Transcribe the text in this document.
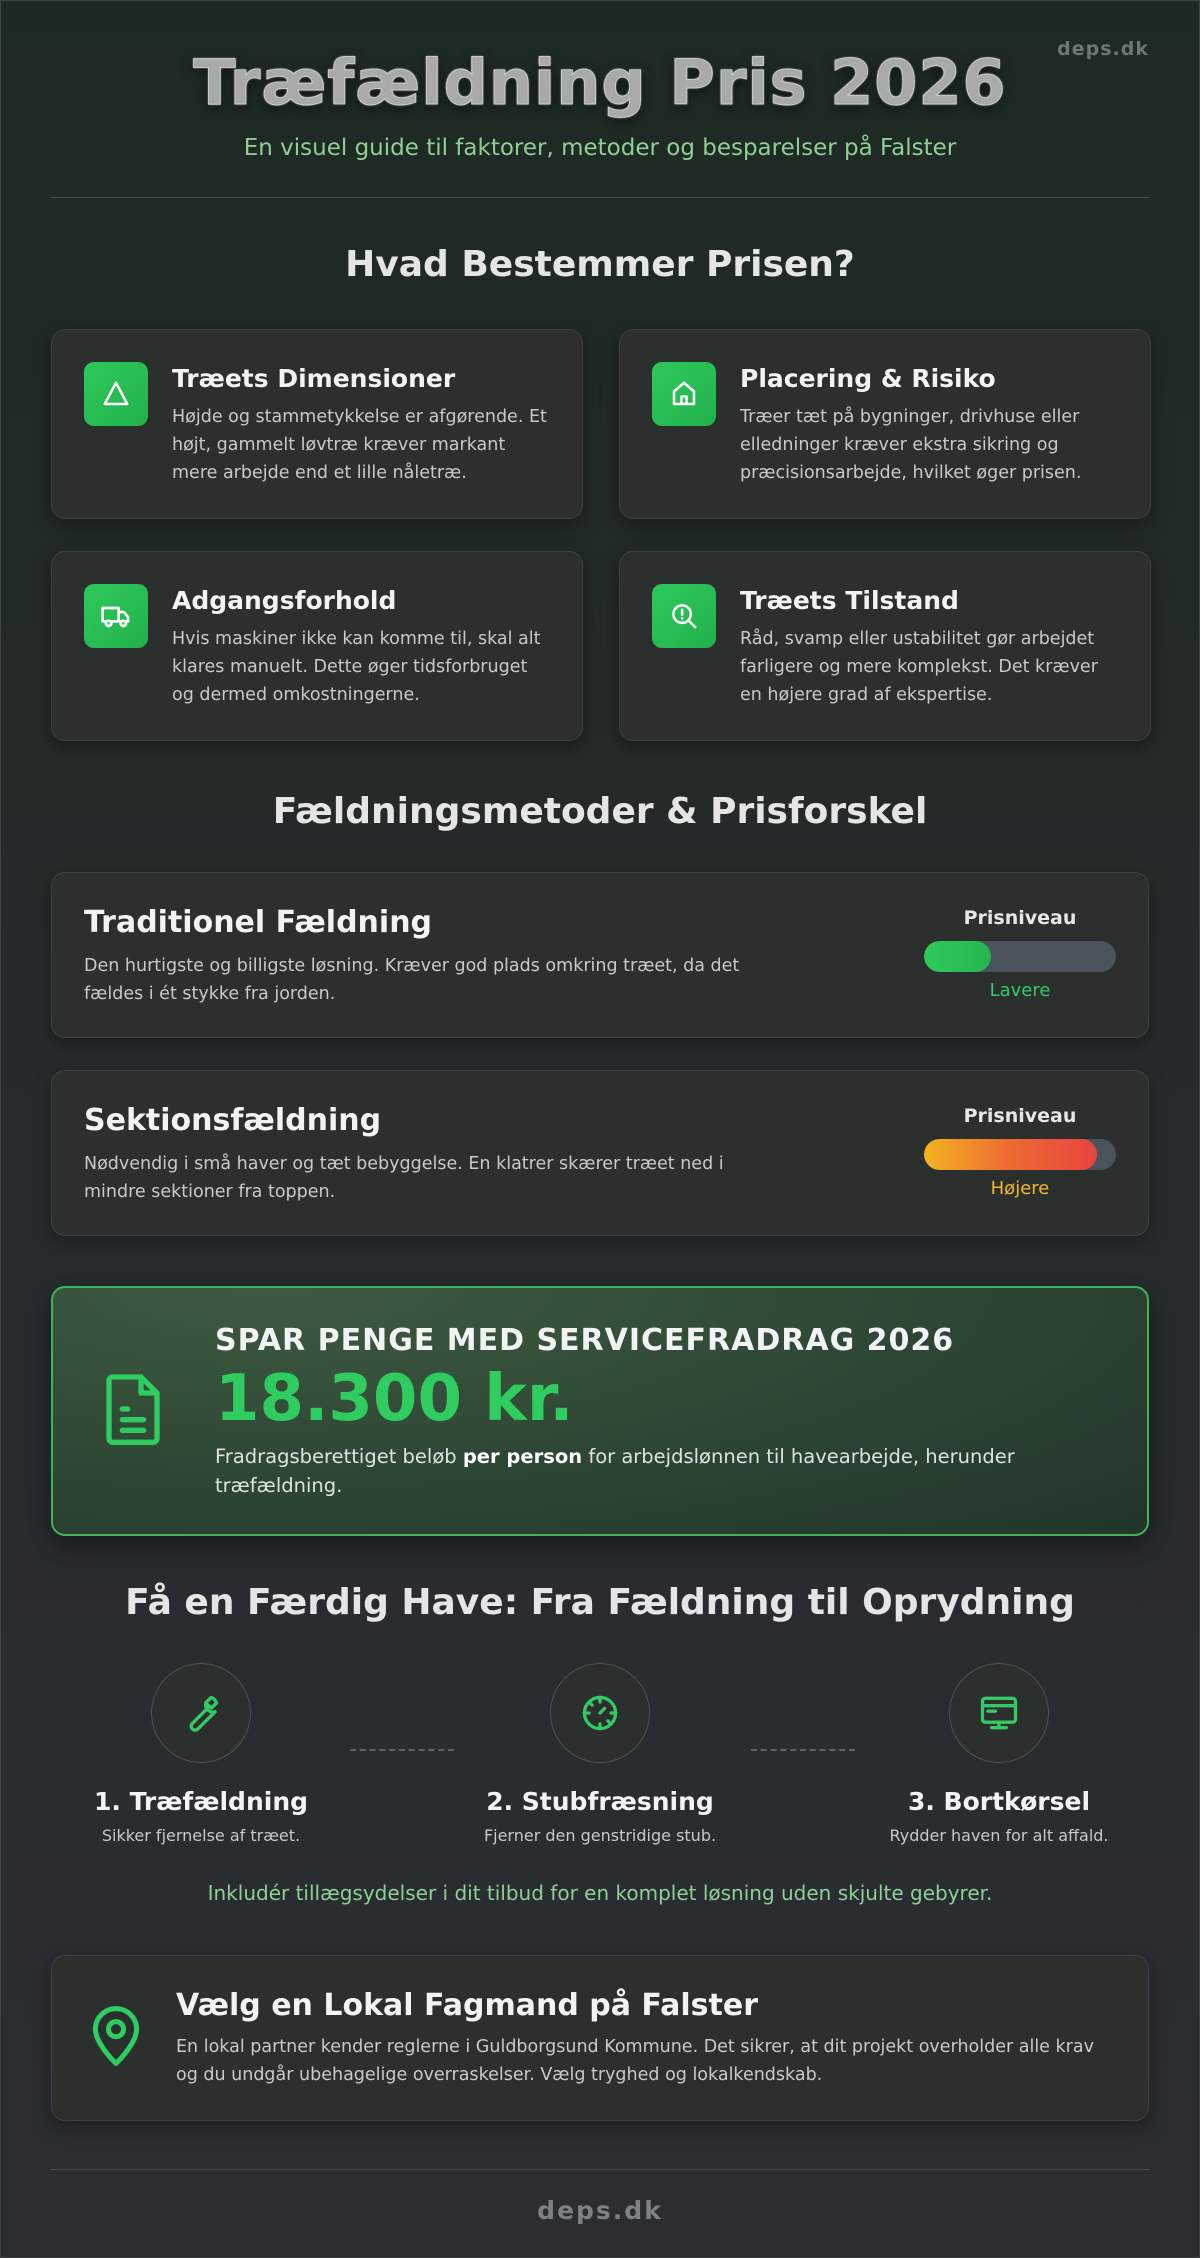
deps.dk
Træfældning Pris 2026

En visuel guide til faktorer, metoder og besparelser på Falster

Hvad Bestemmer Prisen?
Træets Dimensioner

Højde og stammetykkelse er afgørende. Et højt, gammelt løvtræ kræver markant mere arbejde end et lille nåletræ.

Placering & Risiko

Træer tæt på bygninger, drivhuse eller elledninger kræver ekstra sikring og præcisionsarbejde, hvilket øger prisen.

Adgangsforhold

Hvis maskiner ikke kan komme til, skal alt klares manuelt. Dette øger tidsforbruget og dermed omkostningerne.

Træets Tilstand

Råd, svamp eller ustabilitet gør arbejdet farligere og mere komplekst. Det kræver en højere grad af ekspertise.

Fældningsmetoder & Prisforskel
Traditionel Fældning

Den hurtigste og billigste løsning. Kræver god plads omkring træet, da det fældes i ét stykke fra jorden.

Prisniveau
Lavere
Sektionsfældning

Nødvendig i små haver og tæt bebyggelse. En klatrer skærer træet ned i mindre sektioner fra toppen.

Prisniveau
Højere
SPAR PENGE MED SERVICEFRADRAG 2026
18.300 kr.

Fradragsberettiget beløb per person for arbejdslønnen til havearbejde, herunder træfældning.

Få en Færdig Have: Fra Fældning til Oprydning
1. Træfældning

Sikker fjernelse af træet.

2. Stubfræsning

Fjerner den genstridige stub.

3. Bortkørsel

Rydder haven for alt affald.

Inkludér tillægsydelser i dit tilbud for en komplet løsning uden skjulte gebyrer.

Vælg en Lokal Fagmand på Falster

En lokal partner kender reglerne i Guldborgsund Kommune. Det sikrer, at dit projekt overholder alle krav og du undgår ubehagelige overraskelser. Vælg tryghed og lokalkendskab.

deps.dk
